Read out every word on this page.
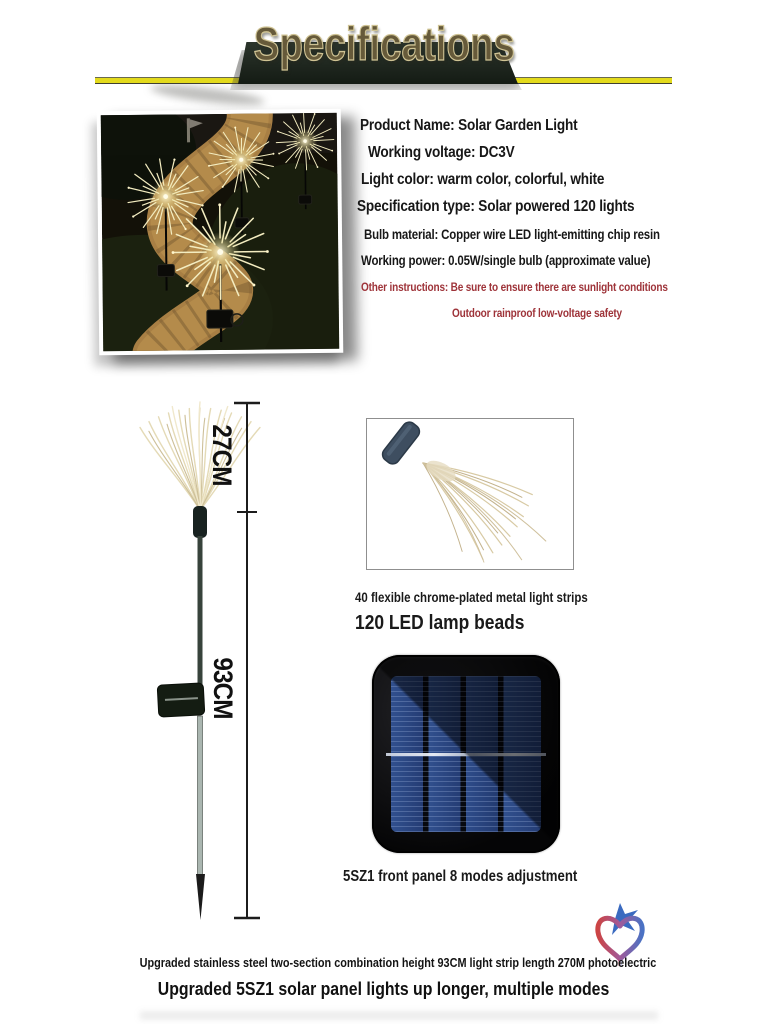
Specifications
Product Name: Solar Garden Light
Working voltage: DC3V
Light color: warm color, colorful, white
Specification type: Solar powered 120 lights
Bulb material: Copper wire LED light-emitting chip resin
Working power: 0.05W/single bulb (approximate value)
Other instructions: Be sure to ensure there are sunlight conditions
Outdoor rainproof low-voltage safety
27CM
93CM
40 flexible chrome-plated metal light strips
120 LED lamp beads
5SZ1 front panel 8 modes adjustment
Upgraded stainless steel two-section combination height 93CM light strip length 270M photoelectric
Upgraded 5SZ1 solar panel lights up longer, multiple modes
